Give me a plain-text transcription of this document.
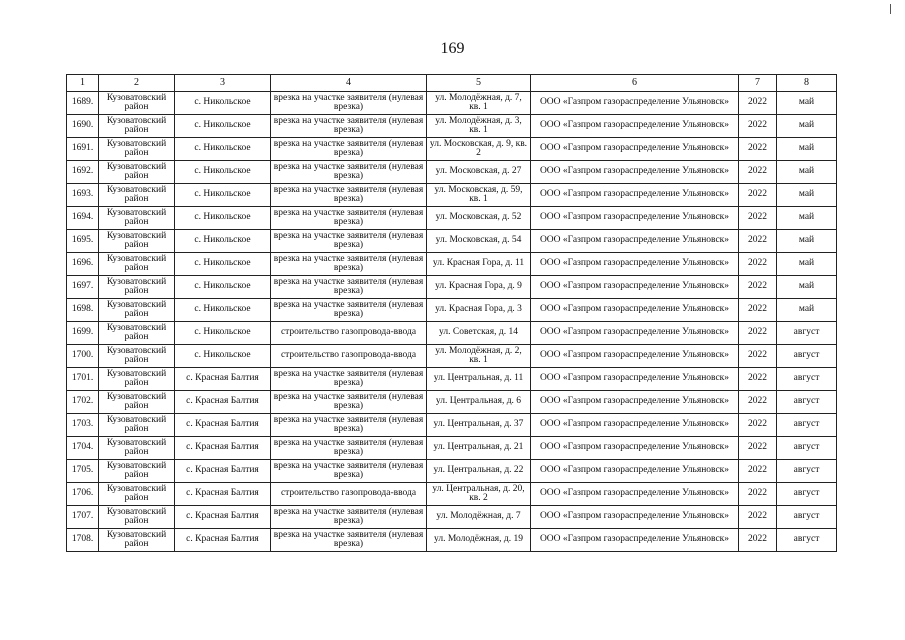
169
1	2	3	4	5	6	7	8
1689.	Кузоватовский район	с. Никольское	врезка на участке заявителя (нулевая врезка)	ул. Молодёжная, д. 7, кв. 1	ООО «Газпром газораспределение Ульяновск»	2022	май
1690.	Кузоватовский район	с. Никольское	врезка на участке заявителя (нулевая врезка)	ул. Молодёжная, д. 3, кв. 1	ООО «Газпром газораспределение Ульяновск»	2022	май
1691.	Кузоватовский район	с. Никольское	врезка на участке заявителя (нулевая врезка)	ул. Московская, д. 9, кв. 2	ООО «Газпром газораспределение Ульяновск»	2022	май
1692.	Кузоватовский район	с. Никольское	врезка на участке заявителя (нулевая врезка)	ул. Московская, д. 27	ООО «Газпром газораспределение Ульяновск»	2022	май
1693.	Кузоватовский район	с. Никольское	врезка на участке заявителя (нулевая врезка)	ул. Московская, д. 59, кв. 1	ООО «Газпром газораспределение Ульяновск»	2022	май
1694.	Кузоватовский район	с. Никольское	врезка на участке заявителя (нулевая врезка)	ул. Московская, д. 52	ООО «Газпром газораспределение Ульяновск»	2022	май
1695.	Кузоватовский район	с. Никольское	врезка на участке заявителя (нулевая врезка)	ул. Московская, д. 54	ООО «Газпром газораспределение Ульяновск»	2022	май
1696.	Кузоватовский район	с. Никольское	врезка на участке заявителя (нулевая врезка)	ул. Красная Гора, д. 11	ООО «Газпром газораспределение Ульяновск»	2022	май
1697.	Кузоватовский район	с. Никольское	врезка на участке заявителя (нулевая врезка)	ул. Красная Гора, д. 9	ООО «Газпром газораспределение Ульяновск»	2022	май
1698.	Кузоватовский район	с. Никольское	врезка на участке заявителя (нулевая врезка)	ул. Красная Гора, д. 3	ООО «Газпром газораспределение Ульяновск»	2022	май
1699.	Кузоватовский район	с. Никольское	строительство газопровода-ввода	ул. Советская, д. 14	ООО «Газпром газораспределение Ульяновск»	2022	август
1700.	Кузоватовский район	с. Никольское	строительство газопровода-ввода	ул. Молодёжная, д. 2, кв. 1	ООО «Газпром газораспределение Ульяновск»	2022	август
1701.	Кузоватовский район	с. Красная Балтия	врезка на участке заявителя (нулевая врезка)	ул. Центральная, д. 11	ООО «Газпром газораспределение Ульяновск»	2022	август
1702.	Кузоватовский район	с. Красная Балтия	врезка на участке заявителя (нулевая врезка)	ул. Центральная, д. 6	ООО «Газпром газораспределение Ульяновск»	2022	август
1703.	Кузоватовский район	с. Красная Балтия	врезка на участке заявителя (нулевая врезка)	ул. Центральная, д. 37	ООО «Газпром газораспределение Ульяновск»	2022	август
1704.	Кузоватовский район	с. Красная Балтия	врезка на участке заявителя (нулевая врезка)	ул. Центральная, д. 21	ООО «Газпром газораспределение Ульяновск»	2022	август
1705.	Кузоватовский район	с. Красная Балтия	врезка на участке заявителя (нулевая врезка)	ул. Центральная, д. 22	ООО «Газпром газораспределение Ульяновск»	2022	август
1706.	Кузоватовский район	с. Красная Балтия	строительство газопровода-ввода	ул. Центральная, д. 20, кв. 2	ООО «Газпром газораспределение Ульяновск»	2022	август
1707.	Кузоватовский район	с. Красная Балтия	врезка на участке заявителя (нулевая врезка)	ул. Молодёжная, д. 7	ООО «Газпром газораспределение Ульяновск»	2022	август
1708.	Кузоватовский район	с. Красная Балтия	врезка на участке заявителя (нулевая врезка)	ул. Молодёжная, д. 19	ООО «Газпром газораспределение Ульяновск»	2022	август
